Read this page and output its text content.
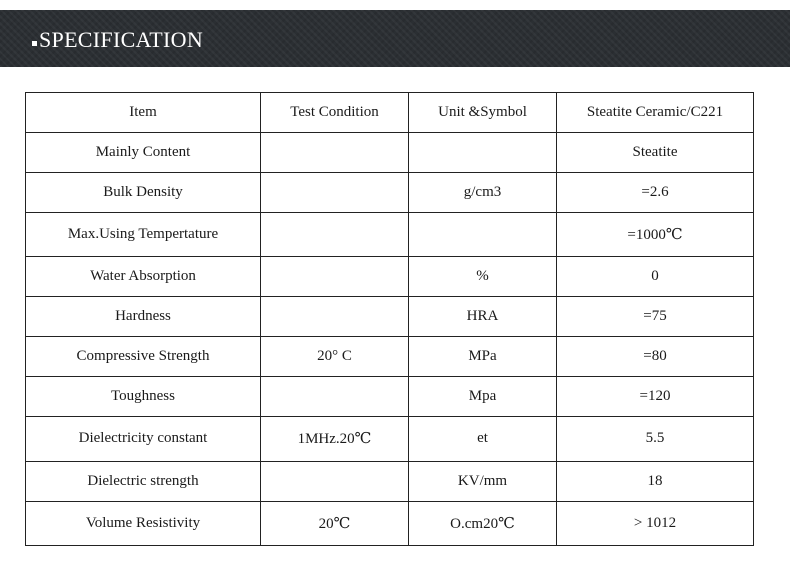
SPECIFICATION
Item	Test Condition	Unit &Symbol	Steatite Ceramic/C221
Mainly Content			Steatite
Bulk Density		g/cm3	=2.6
Max.Using Tempertature			=1000℃
Water Absorption		%	0
Hardness		HRA	=75
Compressive Strength	20° C	MPa	=80
Toughness		Mpa	=120
Dielectricity constant	1MHz.20℃	et	5.5
Dielectric strength		KV/mm	18
Volume Resistivity	20℃	O.cm20℃	> 1012
